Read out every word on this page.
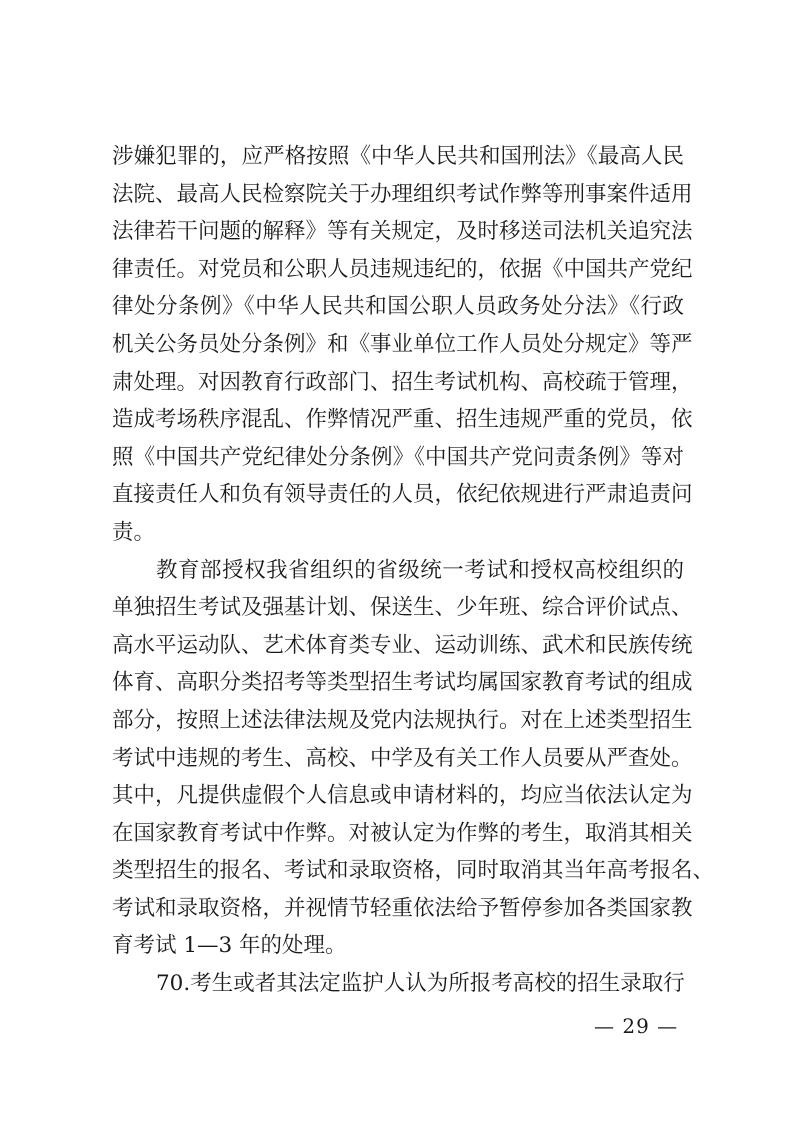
涉嫌犯罪的，应严格按照《中华人民共和国刑法》《最高人民
法院、最高人民检察院关于办理组织考试作弊等刑事案件适用
法律若干问题的解释》等有关规定，及时移送司法机关追究法
律责任。对党员和公职人员违规违纪的，依据《中国共产党纪
律处分条例》《中华人民共和国公职人员政务处分法》《行政
机关公务员处分条例》和《事业单位工作人员处分规定》等严
肃处理。对因教育行政部门、招生考试机构、高校疏于管理，
造成考场秩序混乱、作弊情况严重、招生违规严重的党员，依
照《中国共产党纪律处分条例》《中国共产党问责条例》等对
直接责任人和负有领导责任的人员，依纪依规进行严肃追责问
责。

教育部授权我省组织的省级统一考试和授权高校组织的
单独招生考试及强基计划、保送生、少年班、综合评价试点、
高水平运动队、艺术体育类专业、运动训练、武术和民族传统
体育、高职分类招考等类型招生考试均属国家教育考试的组成
部分，按照上述法律法规及党内法规执行。对在上述类型招生
考试中违规的考生、高校、中学及有关工作人员要从严查处。
其中，凡提供虚假个人信息或申请材料的，均应当依法认定为
在国家教育考试中作弊。对被认定为作弊的考生，取消其相关
类型招生的报名、考试和录取资格，同时取消其当年高考报名、
考试和录取资格，并视情节轻重依法给予暂停参加各类国家教
育考试 1—3 年的处理。

70.考生或者其法定监护人认为所报考高校的招生录取行

— 29 —
